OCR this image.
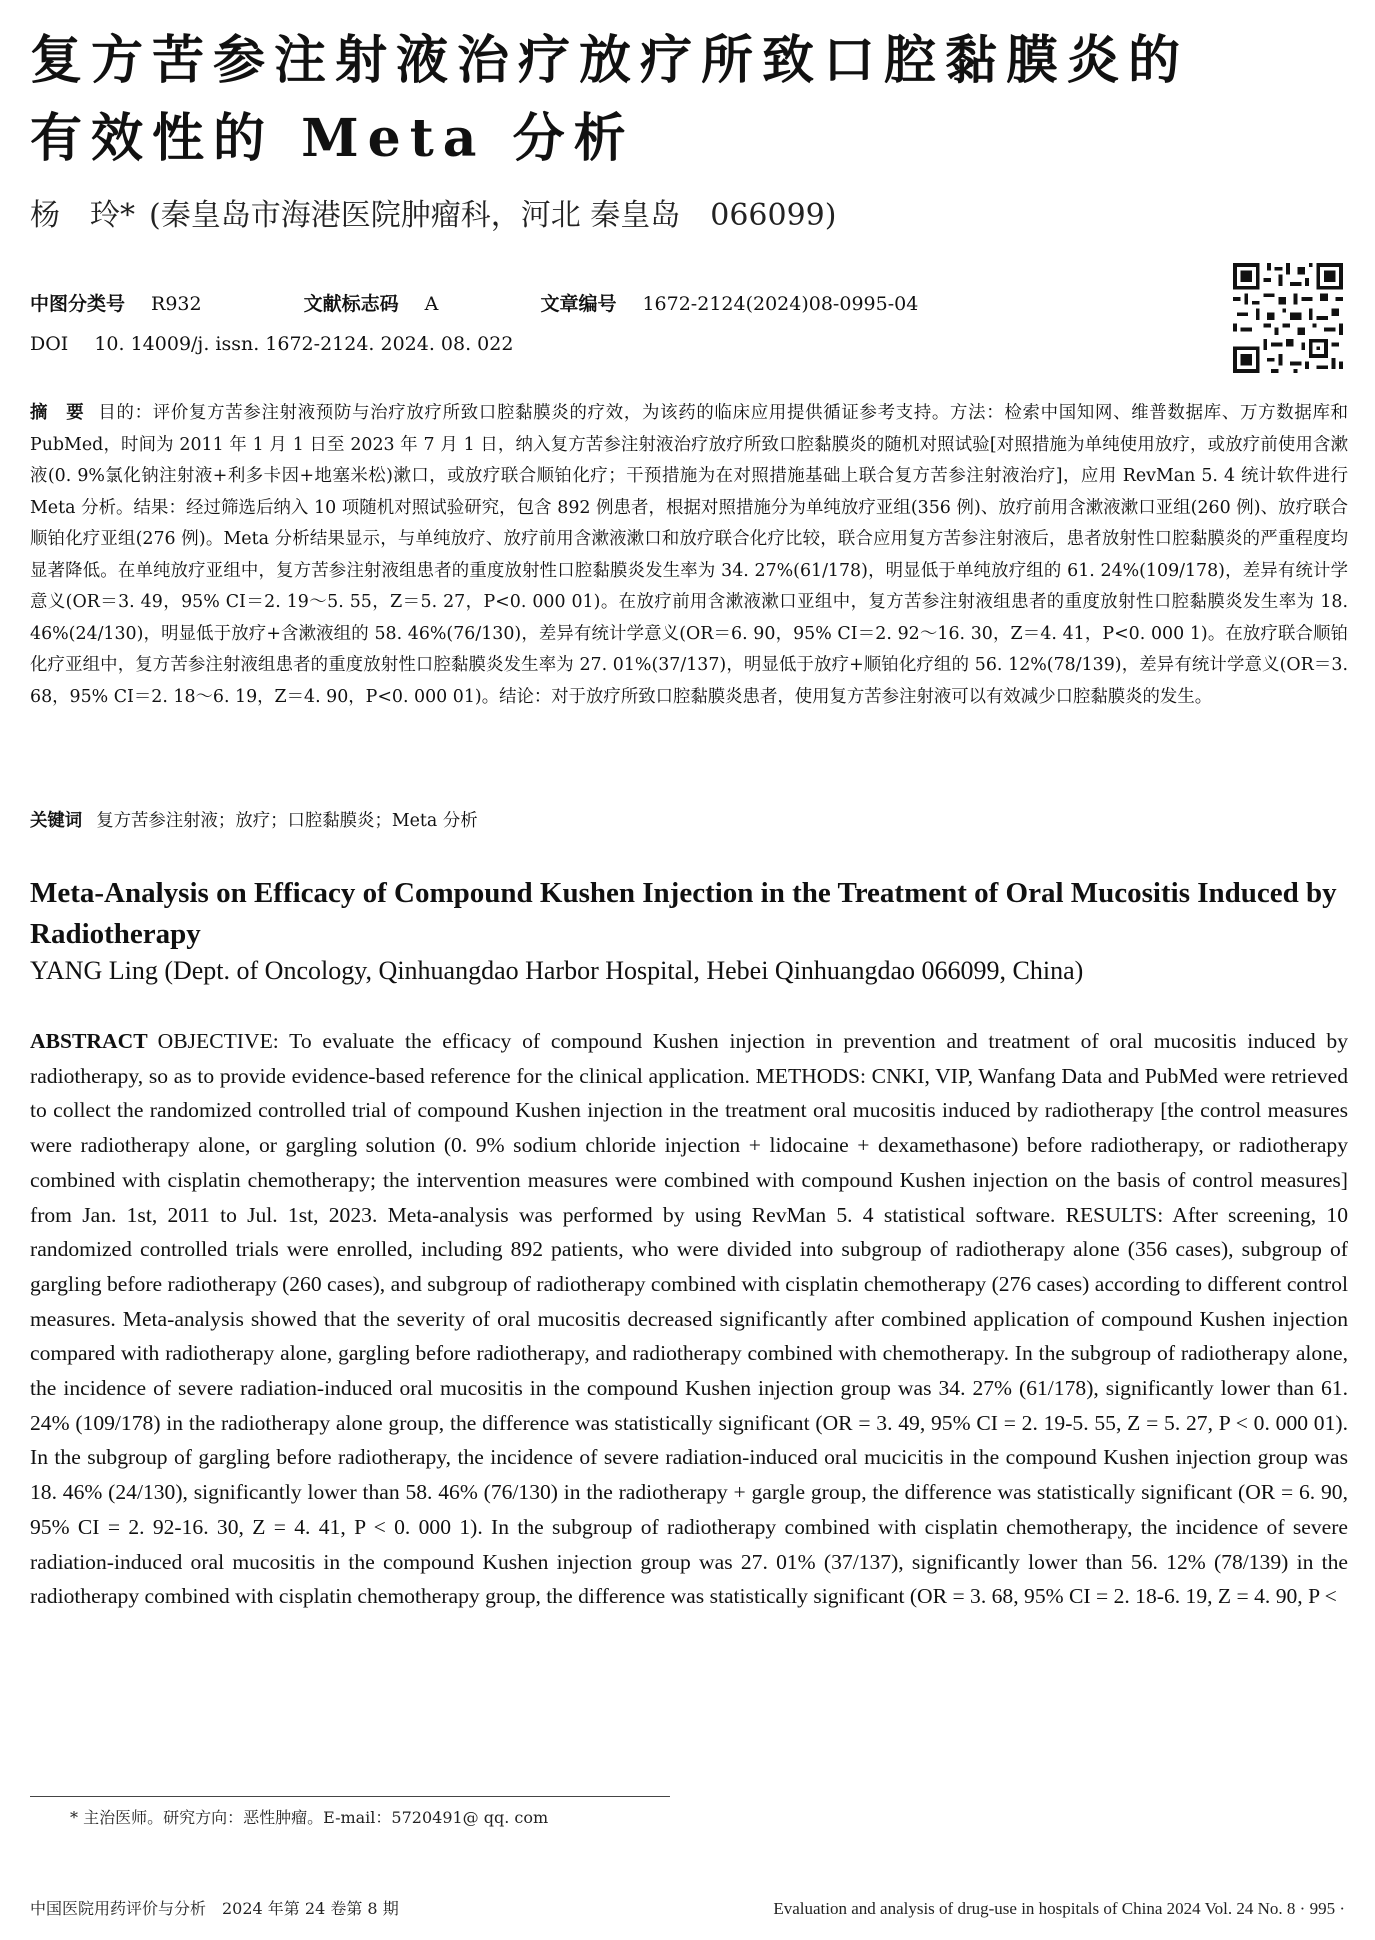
复方苦参注射液治疗放疗所致口腔黏膜炎的
有效性的 Meta 分析
杨　玲* (秦皇岛市海港医院肿瘤科，河北 秦皇岛　066099)
中图分类号 R932	文献标志码 A	文章编号 1672-2124(2024)08-0995-04
DOI 10. 14009/j. issn. 1672-2124. 2024. 08. 022

摘　要 目的：评价复方苦参注射液预防与治疗放疗所致口腔黏膜炎的疗效，为该药的临床应用提供循证参考支持。方法：检索中国知网、维普数据库、万方数据库和 PubMed，时间为 2011 年 1 月 1 日至 2023 年 7 月 1 日，纳入复方苦参注射液治疗放疗所致口腔黏膜炎的随机对照试验[对照措施为单纯使用放疗，或放疗前使用含漱液(0. 9%氯化钠注射液+利多卡因+地塞米松)漱口，或放疗联合顺铂化疗；干预措施为在对照措施基础上联合复方苦参注射液治疗]，应用 RevMan 5. 4 统计软件进行 Meta 分析。结果：经过筛选后纳入 10 项随机对照试验研究，包含 892 例患者，根据对照措施分为单纯放疗亚组(356 例)、放疗前用含漱液漱口亚组(260 例)、放疗联合顺铂化疗亚组(276 例)。Meta 分析结果显示，与单纯放疗、放疗前用含漱液漱口和放疗联合化疗比较，联合应用复方苦参注射液后，患者放射性口腔黏膜炎的严重程度均显著降低。在单纯放疗亚组中，复方苦参注射液组患者的重度放射性口腔黏膜炎发生率为 34. 27%(61/178)，明显低于单纯放疗组的 61. 24%(109/178)，差异有统计学意义(OR＝3. 49，95% CI＝2. 19～5. 55，Z＝5. 27，P<0. 000 01)。在放疗前用含漱液漱口亚组中，复方苦参注射液组患者的重度放射性口腔黏膜炎发生率为 18. 46%(24/130)，明显低于放疗+含漱液组的 58. 46%(76/130)，差异有统计学意义(OR＝6. 90，95% CI＝2. 92～16. 30，Z＝4. 41，P<0. 000 1)。在放疗联合顺铂化疗亚组中，复方苦参注射液组患者的重度放射性口腔黏膜炎发生率为 27. 01%(37/137)，明显低于放疗+顺铂化疗组的 56. 12%(78/139)，差异有统计学意义(OR＝3. 68，95% CI＝2. 18～6. 19，Z＝4. 90，P<0. 000 01)。结论：对于放疗所致口腔黏膜炎患者，使用复方苦参注射液可以有效减少口腔黏膜炎的发生。

关键词 复方苦参注射液；放疗；口腔黏膜炎；Meta 分析
Meta-Analysis on Efficacy of Compound Kushen Injection in the Treatment of Oral Mucositis Induced by Radiotherapy
YANG Ling (Dept. of Oncology, Qinhuangdao Harbor Hospital, Hebei Qinhuangdao 066099, China)

ABSTRACT OBJECTIVE: To evaluate the efficacy of compound Kushen injection in prevention and treatment of oral mucositis induced by radiotherapy, so as to provide evidence-based reference for the clinical application. METHODS: CNKI, VIP, Wanfang Data and PubMed were retrieved to collect the randomized controlled trial of compound Kushen injection in the treatment oral mucositis induced by radiotherapy [the control measures were radiotherapy alone, or gargling solution (0. 9% sodium chloride injection + lidocaine + dexamethasone) before radiotherapy, or radiotherapy combined with cisplatin chemotherapy; the intervention measures were combined with compound Kushen injection on the basis of control measures] from Jan. 1st, 2011 to Jul. 1st, 2023. Meta-analysis was performed by using RevMan 5. 4 statistical software. RESULTS: After screening, 10 randomized controlled trials were enrolled, including 892 patients, who were divided into subgroup of radiotherapy alone (356 cases), subgroup of gargling before radiotherapy (260 cases), and subgroup of radiotherapy combined with cisplatin chemotherapy (276 cases) according to different control measures. Meta-analysis showed that the severity of oral mucositis decreased significantly after combined application of compound Kushen injection compared with radiotherapy alone, gargling before radiotherapy, and radiotherapy combined with chemotherapy. In the subgroup of radiotherapy alone, the incidence of severe radiation-induced oral mucositis in the compound Kushen injection group was 34. 27% (61/178), significantly lower than 61. 24% (109/178) in the radiotherapy alone group, the difference was statistically significant (OR = 3. 49, 95% CI = 2. 19-5. 55, Z = 5. 27, P < 0. 000 01). In the subgroup of gargling before radiotherapy, the incidence of severe radiation-induced oral mucicitis in the compound Kushen injection group was 18. 46% (24/130), significantly lower than 58. 46% (76/130) in the radiotherapy + gargle group, the difference was statistically significant (OR = 6. 90, 95% CI = 2. 92-16. 30, Z = 4. 41, P < 0. 000 1). In the subgroup of radiotherapy combined with cisplatin chemotherapy, the incidence of severe radiation-induced oral mucositis in the compound Kushen injection group was 27. 01% (37/137), significantly lower than 56. 12% (78/139) in the radiotherapy combined with cisplatin chemotherapy group, the difference was statistically significant (OR = 3. 68, 95% CI = 2. 18-6. 19, Z = 4. 90, P <

* 主治医师。研究方向：恶性肿瘤。E-mail：5720491@ qq. com
中国医院用药评价与分析　2024 年第 24 卷第 8 期	Evaluation and analysis of drug-use in hospitals of China 2024 Vol. 24 No. 8 · 995 ·
